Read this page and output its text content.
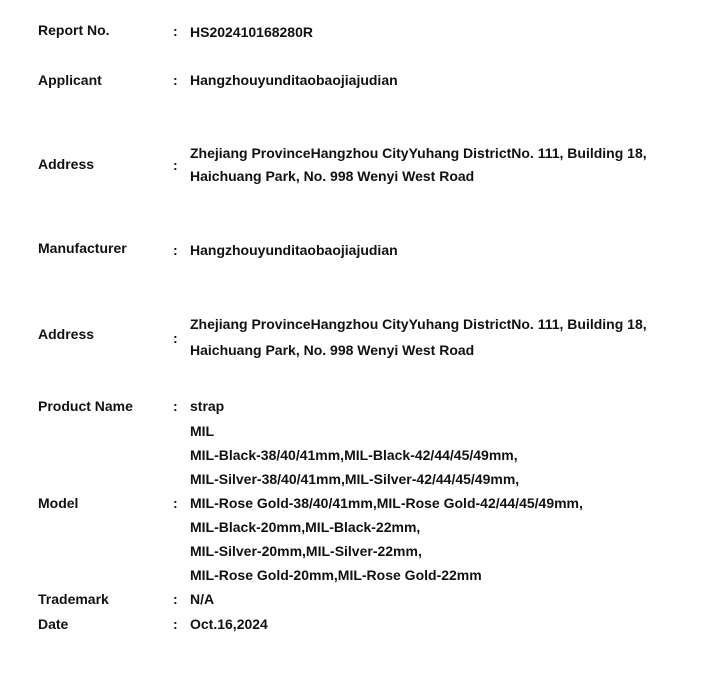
Report No.	: HS202410168280R
Applicant	: Hangzhouyunditaobaojiajudian
Address	:
Zhejiang ProvinceHangzhou CityYuhang DistrictNo. 111, Building 18,
Haichuang Park, No. 998 Wenyi West Road
Manufacturer	: Hangzhouyunditaobaojiajudian
Address	:
Zhejiang ProvinceHangzhou CityYuhang DistrictNo. 111, Building 18,
Haichuang Park, No. 998 Wenyi West Road
Product Name	: strap
Model	:
MIL
MIL-Black-38/40/41mm,MIL-Black-42/44/45/49mm,
MIL-Silver-38/40/41mm,MIL-Silver-42/44/45/49mm,
MIL-Rose Gold-38/40/41mm,MIL-Rose Gold-42/44/45/49mm,
MIL-Black-20mm,MIL-Black-22mm,
MIL-Silver-20mm,MIL-Silver-22mm,
MIL-Rose Gold-20mm,MIL-Rose Gold-22mm
Trademark	: N/A
Date	: Oct.16,2024
